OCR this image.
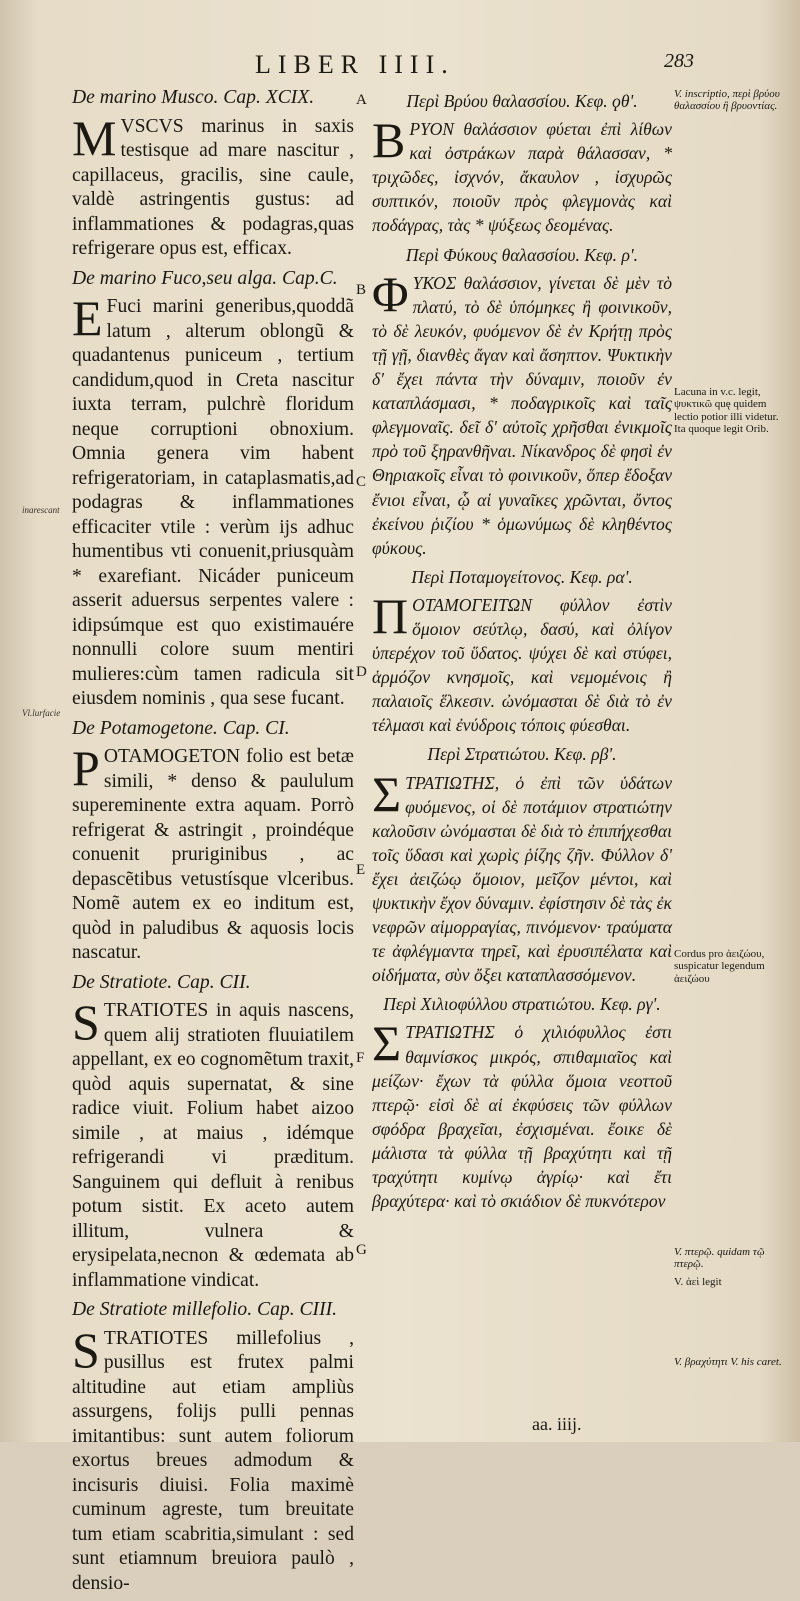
LIBER IIII.	283
inarescant
Vl.lurfacie
A
B
C
D
E
F
G
De marino Musco. Cap. XCIX.
MVSCVS marinus in saxis testisque ad mare nascitur , capillaceus, gracilis, sine caule, valdè astringentis gustus: ad inflammationes & podagras,quas refrigerare opus est, efficax.
De marino Fuco,seu alga. Cap.C.
E Fuci marini generibus,quoddã latum , alterum oblongũ & quadantenus puniceum , tertium candidum,quod in Creta nascitur iuxta terram, pulchrè floridum neque corruptioni obnoxium. Omnia genera vim habent refrigeratoriam, in cataplasmatis,ad podagras & inflammationes efficaciter vtile : verùm ijs adhuc humentibus vti conuenit,priusquàm * exarefiant. Nicáder puniceum asserit aduersus serpentes valere : idipsúmque est quo existimauére nonnulli colore suum mentiri mulieres:cùm tamen radicula sit eiusdem nominis , qua sese fucant.
De Potamogetone. Cap. CI.
POTAMOGETON folio est betæ simili, * denso & paululum supereminente extra aquam. Porrò refrigerat & astringit , proindéque conuenit pruriginibus , ac depascẽtibus vetustísque vlceribus. Nomẽ autem ex eo inditum est, quòd in paludibus & aquosis locis nascatur.
De Stratiote. Cap. CII.
STRATIOTES in aquis nascens, quem alij stratioten fluuiatilem appellant, ex eo cognomẽtum traxit, quòd aquis supernatat, & sine radice viuit. Folium habet aizoo simile , at maius , idémque refrigerandi vi præditum. Sanguinem qui defluit à renibus potum sistit. Ex aceto autem illitum, vulnera & erysipelata,necnon & œdemata ab inflammatione vindicat.
De Stratiote millefolio. Cap. CIII.
STRATIOTES millefolius , pusillus est frutex palmi altitudine aut etiam ampliùs assurgens, folijs pulli pennas imitantibus: sunt autem foliorum exortus breues admodum & incisuris diuisi. Folia maximè cuminum agreste, tum breuitate tum etiam scabritia,simulant : sed sunt etiamnum breuiora paulò , densio-
Περὶ Βρύου θαλασσίου. Κεφ. ϙθ'.
ΒΡΥΟΝ θαλάσσιον φύεται ἐπὶ λίθων καὶ ὀστράκων παρὰ θάλασσαν, * τριχῶδες, ἰσχνόν, ἄκαυλον , ἰσχυρῶς συπτικόν, ποιοῦν πρὸς φλεγμονὰς καὶ ποδάγρας, τὰς * ψύξεως δεομένας.
Περὶ Φύκους θαλασσίου. Κεφ. ρ'.
ΦΥΚΟΣ θαλάσσιον, γίνεται δὲ μὲν τὸ πλατύ, τὸ δὲ ὑπόμηκες ἢ φοινικοῦν, τὸ δὲ λευκόν, φυόμενον δὲ ἐν Κρήτῃ πρὸς τῇ γῇ, διανθὲς ἄγαν καὶ ἄσηπτον. Ψυκτικὴν δ' ἔχει πάντα τὴν δύναμιν, ποιοῦν ἐν καταπλάσμασι, * ποδαγρικοῖς καὶ ταῖς φλεγμοναῖς. δεῖ δ' αὐτοῖς χρῆσθαι ἐνικμοῖς πρὸ τοῦ ξηρανθῆναι. Νίκανδρος δὲ φησὶ ἐν Θηριακοῖς εἶναι τὸ φοινικοῦν, ὅπερ ἔδοξαν ἔνιοι εἶναι, ᾧ αἱ γυναῖκες χρῶνται, ὄντος ἐκείνου ῥιζίου * ὁμωνύμως δὲ κληθέντος φύκους.
Περὶ Ποταμογείτονος. Κεφ. ρα'.
ΠΟΤΑΜΟΓΕΙΤΩΝ φύλλον ἐστὶν ὅμοιον σεύτλῳ, δασύ, καὶ ὀλίγον ὑπερέχον τοῦ ὕδατος. ψύχει δὲ καὶ στύφει, ἁρμόζον κνησμοῖς, καὶ νεμομένοις ἢ παλαιοῖς ἕλκεσιν. ὠνόμασται δὲ διὰ τὸ ἐν τέλμασι καὶ ἐνύδροις τόποις φύεσθαι.
Περὶ Στρατιώτου. Κεφ. ρβ'.
ΣΤΡΑΤΙΩΤΗΣ, ὁ ἐπὶ τῶν ὑδάτων φυόμενος, οἱ δὲ ποτάμιον στρατιώτην καλοῦσιν ὠνόμασται δὲ διὰ τὸ ἐπιπήχεσθαι τοῖς ὕδασι καὶ χωρὶς ῥίζης ζῆν. Φύλλον δ' ἔχει ἀειζώῳ ὅμοιον, μεῖζον μέντοι, καὶ ψυκτικὴν ἔχον δύναμιν. ἐφίστησιν δὲ τὰς ἐκ νεφρῶν αἱμορραγίας, πινόμενον· τραύματα τε ἀφλέγμαντα τηρεῖ, καὶ ἐρυσιπέλατα καὶ οἰδήματα, σὺν ὄξει καταπλασσόμενον.
Περὶ Χιλιοφύλλου στρατιώτου. Κεφ. ργ'.
ΣΤΡΑΤΙΩΤΗΣ ὁ χιλιόφυλλος ἐστι θαμνίσκος μικρός, σπιθαμιαῖος καὶ μείζων· ἔχων τὰ φύλλα ὅμοια νεοττοῦ πτερῷ· εἰσὶ δὲ αἱ ἐκφύσεις τῶν φύλλων σφόδρα βραχεῖαι, ἐσχισμέναι. ἔοικε δὲ μάλιστα τὰ φύλλα τῇ βραχύτητι καὶ τῇ τραχύτητι κυμίνῳ ἀγρίῳ· καὶ ἔτι βραχύτερα· καὶ τὸ σκιάδιον δὲ πυκνότερον

V. inscriptio, περὶ βρύου θαλασσίου ἢ βρυοντίας.

Lacuna in v.c. legit, ψυκτικῶ quę quidem lectio potior illi videtur. Ita quoque legit Orib.

Cordus pro ἀειζώου, suspicatur legendum ἀειζώου

V. πτερῷ. quidam τῷ πτερῷ.

V. ἀεὶ legit

V. βραχύτητι V. his caret.

aa. iiij.
